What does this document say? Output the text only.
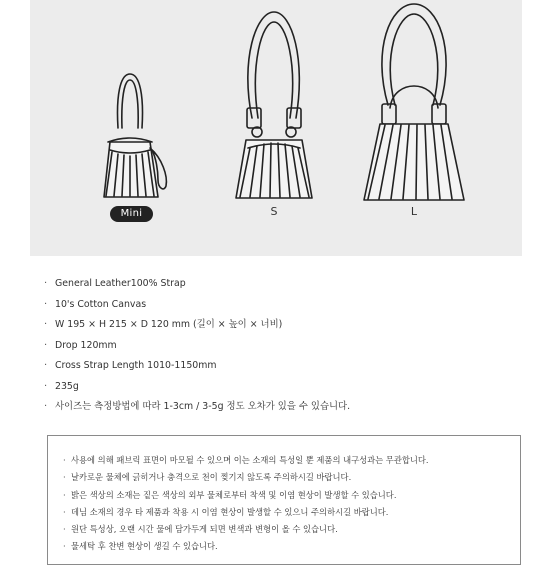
Mini	S	L
· General Leather100% Strap
· 10's Cotton Canvas
· W 195 × H 215 × D 120 mm (길이 × 높이 × 너비)
· Drop 120mm
· Cross Strap Length 1010-1150mm
· 235g
· 사이즈는 측정방법에 따라 1-3cm / 3-5g 정도 오차가 있을 수 있습니다.
· 사용에 의해 패브릭 표면이 마모될 수 있으며 이는 소재의 특성일 뿐 제품의 내구성과는 무관합니다.
· 날카로운 물체에 긁히거나 충격으로 천이 찢기지 않도록 주의하시길 바랍니다.
· 밝은 색상의 소재는 짙은 색상의 외부 물체로부터 착색 및 이염 현상이 발생할 수 있습니다.
· 데님 소재의 경우 타 제품과 착용 시 이염 현상이 발생할 수 있으니 주의하시길 바랍니다.
· 원단 특성상, 오랜 시간 물에 담가두게 되면 변색과 변형이 올 수 있습니다.
· 물세탁 후 찬변 현상이 생길 수 있습니다.
